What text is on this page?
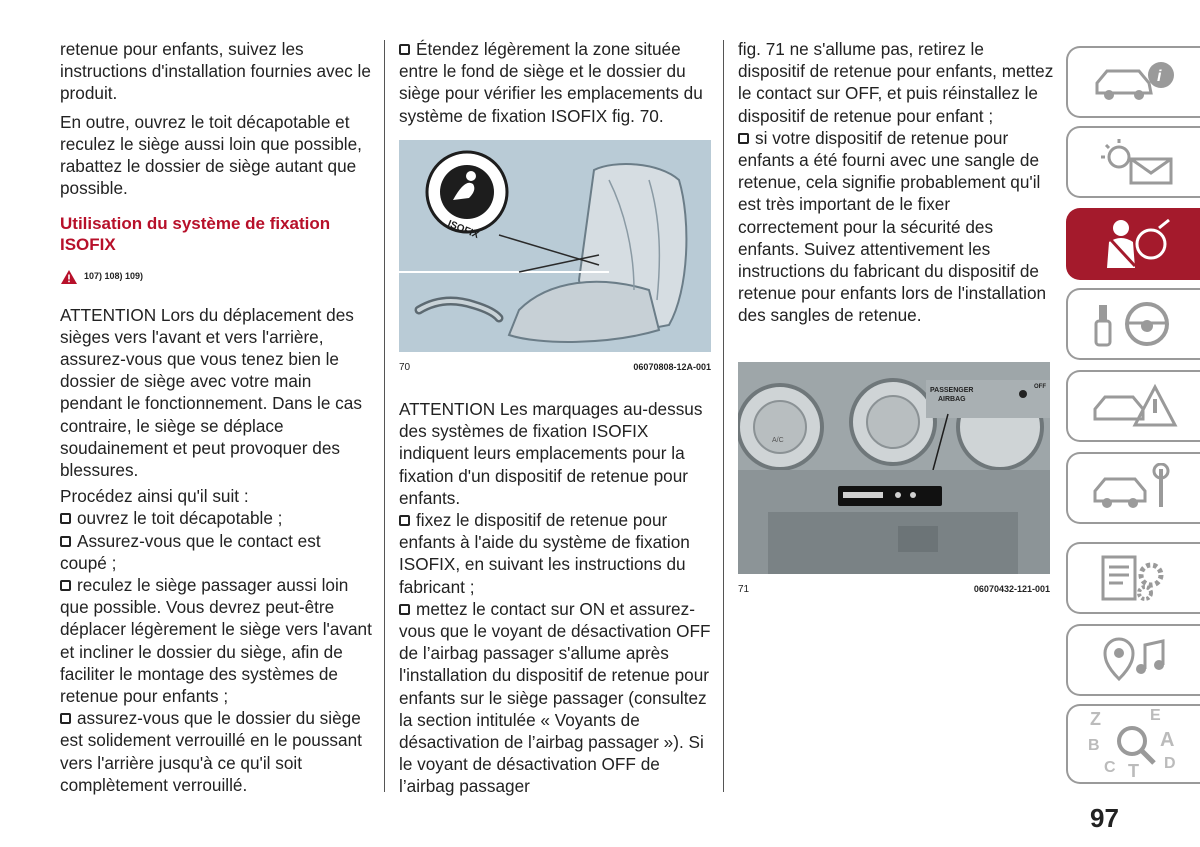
retenue pour enfants, suivez les instructions d'installation fournies avec le produit.

En outre, ouvrez le toit décapotable et reculez le siège aussi loin que possible, rabattez le dossier de siège autant que possible.

Utilisation du système de fixation ISOFIX
107) 108) 109)

ATTENTION Lors du déplacement des sièges vers l'avant et vers l'arrière, assurez-vous que vous tenez bien le dossier de siège avec votre main pendant le fonctionnement. Dans le cas contraire, le siège se déplace soudainement et peut provoquer des blessures.

Procédez ainsi qu'il suit :

ouvrez le toit décapotable ;

Assurez-vous que le contact est coupé ;

reculez le siège passager aussi loin que possible. Vous devrez peut-être déplacer légèrement le siège vers l'avant et incliner le dossier du siège, afin de faciliter le montage des systèmes de retenue pour enfants ;

assurez-vous que le dossier du siège est solidement verrouillé en le poussant vers l'arrière jusqu'à ce qu'il soit complètement verrouillé.

Étendez légèrement la zone située entre le fond de siège et le dossier du siège pour vérifier les emplacements du système de fixation ISOFIX fig. 70.

ISOFIX
70	06070808-12A-001

ATTENTION Les marquages au-dessus des systèmes de fixation ISOFIX indiquent leurs emplacements pour la fixation d'un dispositif de retenue pour enfants.

fixez le dispositif de retenue pour enfants à l'aide du système de fixation ISOFIX, en suivant les instructions du fabricant ;

mettez le contact sur ON et assurez-vous que le voyant de désactivation OFF de l’airbag passager s'allume après l'installation du dispositif de retenue pour enfants sur le siège passager (consultez la section intitulée « Voyants de désactivation de l’airbag passager »). Si le voyant de désactivation OFF de l’airbag passager

fig. 71 ne s'allume pas, retirez le dispositif de retenue pour enfants, mettez le contact sur OFF, et puis réinstallez le dispositif de retenue pour enfant ;

si votre dispositif de retenue pour enfants a été fourni avec une sangle de retenue, cela signifie probablement qu'il est très important de le fixer correctement pour la sécurité des enfants. Suivez attentivement les instructions du fabricant du dispositif de retenue pour enfants lors de l'installation des sangles de retenue.

A/C
PASSENGER
AIRBAG
OFF
71	06070432-121-001
i
Z	E
B	A
C T D
97
